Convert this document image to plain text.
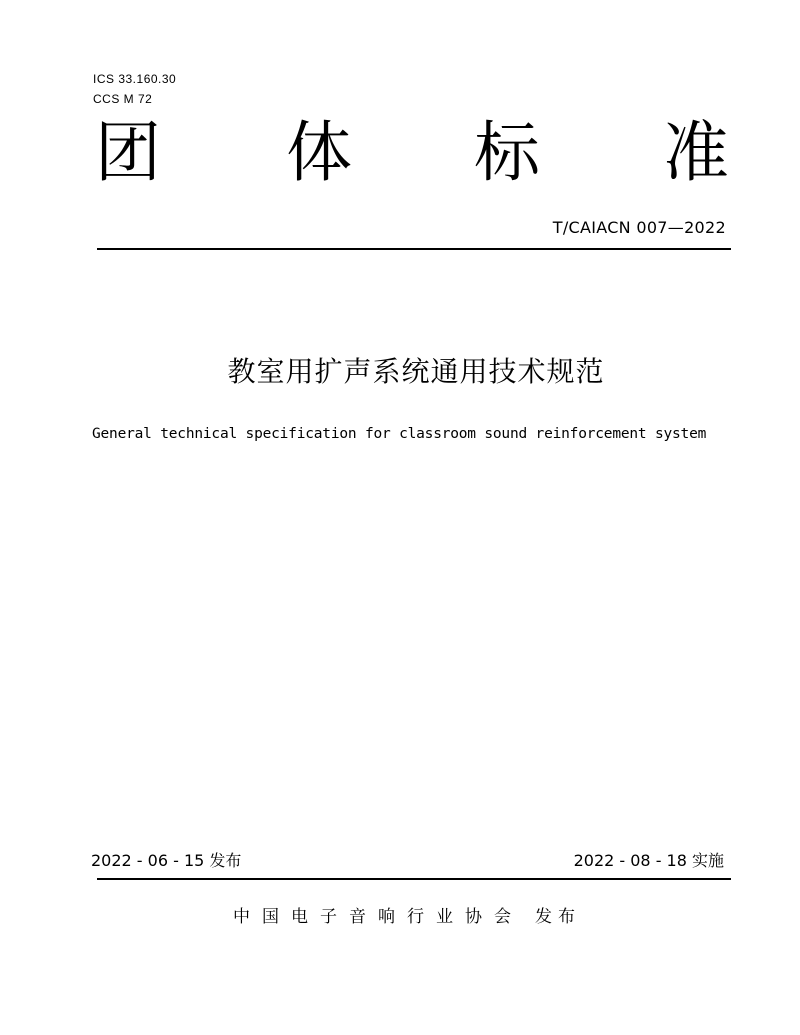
ICS 33.160.30
CCS M 72
团 体 标 准
T/CAIACN 007—2022
教室用扩声系统通用技术规范
General technical specification for classroom sound reinforcement system
2022 - 06 - 15 发布	2022 - 08 - 18 实施
中国电子音响行业协会 发布
